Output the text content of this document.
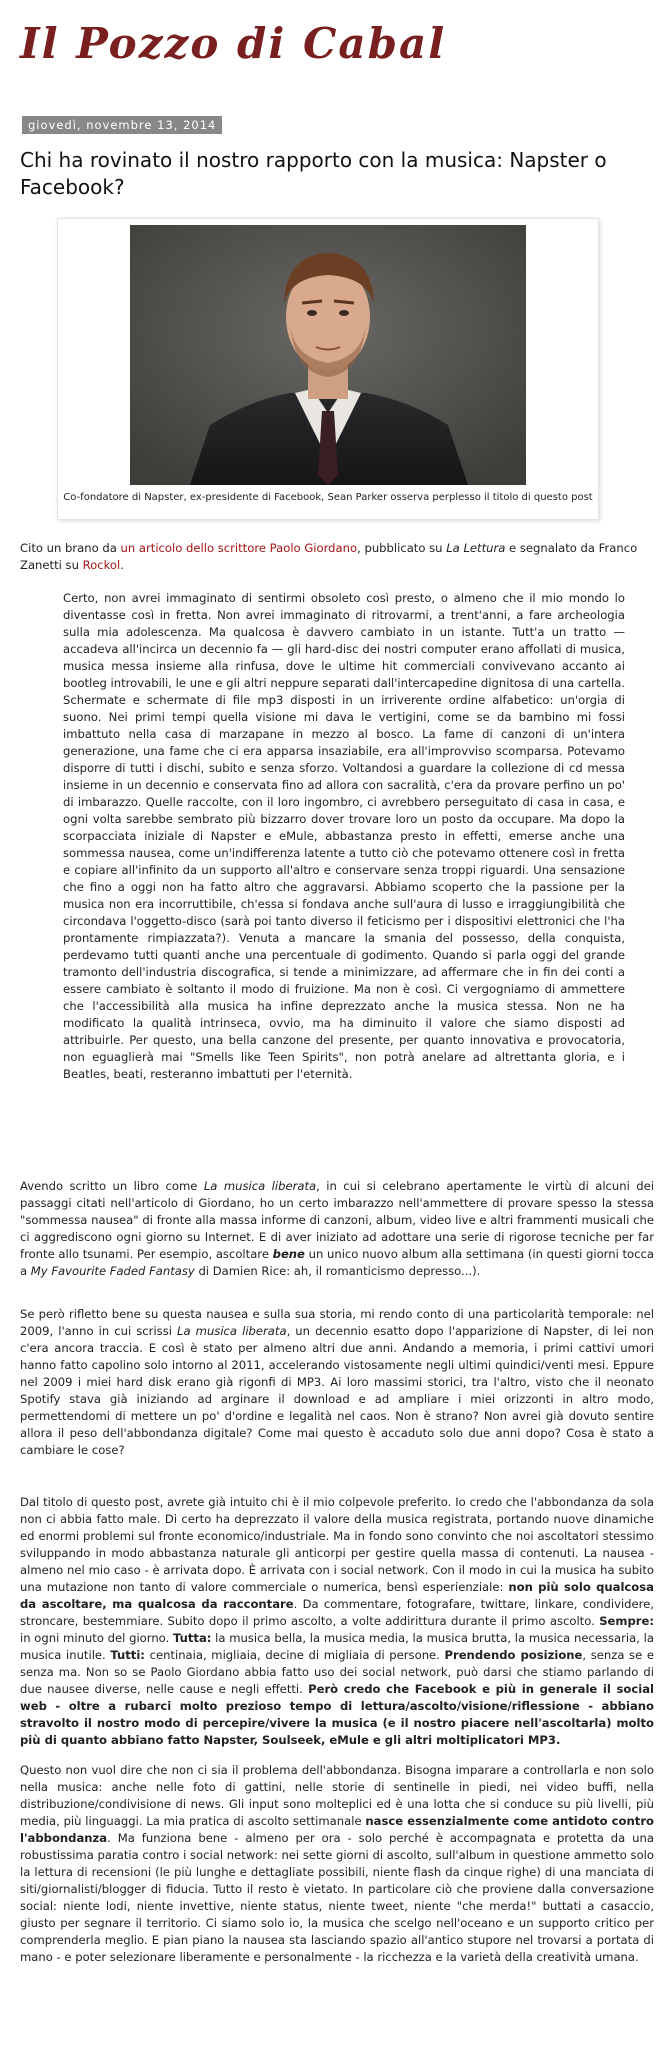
Il Pozzo di Cabal
giovedì, novembre 13, 2014
Chi ha rovinato il nostro rapporto con la musica: Napster o Facebook?
Co-fondatore di Napster, ex-presidente di Facebook, Sean Parker osserva perplesso il titolo di questo post
Cito un brano da un articolo dello scrittore Paolo Giordano, pubblicato su La Lettura e segnalato da Franco Zanetti su Rockol.
Certo, non avrei immaginato di sentirmi obsoleto così presto, o almeno che il mio mondo lo diventasse così in fretta. Non avrei immaginato di ritrovarmi, a trent'anni, a fare archeologia sulla mia adolescenza. Ma qualcosa è davvero cambiato in un istante. Tutt'a un tratto — accadeva all'incirca un decennio fa — gli hard-disc dei nostri computer erano affollati di musica, musica messa insieme alla rinfusa, dove le ultime hit commerciali convivevano accanto ai bootleg introvabili, le une e gli altri neppure separati dall'intercapedine dignitosa di una cartella. Schermate e schermate di file mp3 disposti in un irriverente ordine alfabetico: un'orgia di suono. Nei primi tempi quella visione mi dava le vertigini, come se da bambino mi fossi imbattuto nella casa di marzapane in mezzo al bosco. La fame di canzoni di un'intera generazione, una fame che ci era apparsa insaziabile, era all'improvviso scomparsa. Potevamo disporre di tutti i dischi, subito e senza sforzo. Voltandosi a guardare la collezione di cd messa insieme in un decennio e conservata fino ad allora con sacralità, c'era da provare perfino un po' di imbarazzo. Quelle raccolte, con il loro ingombro, ci avrebbero perseguitato di casa in casa, e ogni volta sarebbe sembrato più bizzarro dover trovare loro un posto da occupare. Ma dopo la scorpacciata iniziale di Napster e eMule, abbastanza presto in effetti, emerse anche una sommessa nausea, come un'indifferenza latente a tutto ciò che potevamo ottenere così in fretta e copiare all'infinito da un supporto all'altro e conservare senza troppi riguardi. Una sensazione che fino a oggi non ha fatto altro che aggravarsi. Abbiamo scoperto che la passione per la musica non era incorruttibile, ch'essa si fondava anche sull'aura di lusso e irraggiungibilità che circondava l'oggetto-disco (sarà poi tanto diverso il feticismo per i dispositivi elettronici che l'ha prontamente rimpiazzata?). Venuta a mancare la smania del possesso, della conquista, perdevamo tutti quanti anche una percentuale di godimento. Quando si parla oggi del grande tramonto dell'industria discografica, si tende a minimizzare, ad affermare che in fin dei conti a essere cambiato è soltanto il modo di fruizione. Ma non è così. Ci vergogniamo di ammettere che l'accessibilità alla musica ha infine deprezzato anche la musica stessa. Non ne ha modificato la qualità intrinseca, ovvio, ma ha diminuito il valore che siamo disposti ad attribuirle. Per questo, una bella canzone del presente, per quanto innovativa e provocatoria, non eguaglierà mai "Smells like Teen Spirits", non potrà anelare ad altrettanta gloria, e i Beatles, beati, resteranno imbattuti per l'eternità.
Avendo scritto un libro come La musica liberata, in cui si celebrano apertamente le virtù di alcuni dei passaggi citati nell'articolo di Giordano, ho un certo imbarazzo nell'ammettere di provare spesso la stessa "sommessa nausea" di fronte alla massa informe di canzoni, album, video live e altri frammenti musicali che ci aggrediscono ogni giorno su Internet. E di aver iniziato ad adottare una serie di rigorose tecniche per far fronte allo tsunami. Per esempio, ascoltare bene un unico nuovo album alla settimana (in questi giorni tocca a My Favourite Faded Fantasy di Damien Rice: ah, il romanticismo depresso...).
Se però rifletto bene su questa nausea e sulla sua storia, mi rendo conto di una particolarità temporale: nel 2009, l'anno in cui scrissi La musica liberata, un decennio esatto dopo l'apparizione di Napster, di lei non c'era ancora traccia. E così è stato per almeno altri due anni. Andando a memoria, i primi cattivi umori hanno fatto capolino solo intorno al 2011, accelerando vistosamente negli ultimi quindici/venti mesi. Eppure nel 2009 i miei hard disk erano già rigonfi di MP3. Ai loro massimi storici, tra l'altro, visto che il neonato Spotify stava già iniziando ad arginare il download e ad ampliare i miei orizzonti in altro modo, permettendomi di mettere un po' d'ordine e legalità nel caos. Non è strano? Non avrei già dovuto sentire allora il peso dell'abbondanza digitale? Come mai questo è accaduto solo due anni dopo? Cosa è stato a cambiare le cose?
Dal titolo di questo post, avrete già intuito chi è il mio colpevole preferito. Io credo che l'abbondanza da sola non ci abbia fatto male. Di certo ha deprezzato il valore della musica registrata, portando nuove dinamiche ed enormi problemi sul fronte economico/industriale. Ma in fondo sono convinto che noi ascoltatori stessimo sviluppando in modo abbastanza naturale gli anticorpi per gestire quella massa di contenuti. La nausea - almeno nel mio caso - è arrivata dopo. È arrivata con i social network. Con il modo in cui la musica ha subito una mutazione non tanto di valore commerciale o numerica, bensì esperienziale: non più solo qualcosa da ascoltare, ma qualcosa da raccontare. Da commentare, fotografare, twittare, linkare, condividere, stroncare, bestemmiare. Subito dopo il primo ascolto, a volte addirittura durante il primo ascolto. Sempre: in ogni minuto del giorno. Tutta: la musica bella, la musica media, la musica brutta, la musica necessaria, la musica inutile. Tutti: centinaia, migliaia, decine di migliaia di persone. Prendendo posizione, senza se e senza ma. Non so se Paolo Giordano abbia fatto uso dei social network, può darsi che stiamo parlando di due nausee diverse, nelle cause e negli effetti. Però credo che Facebook e più in generale il social web - oltre a rubarci molto prezioso tempo di lettura/ascolto/visione/riflessione - abbiano stravolto il nostro modo di percepire/vivere la musica (e il nostro piacere nell'ascoltarla) molto più di quanto abbiano fatto Napster, Soulseek, eMule e gli altri moltiplicatori MP3.
Questo non vuol dire che non ci sia il problema dell'abbondanza. Bisogna imparare a controllarla e non solo nella musica: anche nelle foto di gattini, nelle storie di sentinelle in piedi, nei video buffi, nella distribuzione/condivisione di news. Gli input sono molteplici ed è una lotta che si conduce su più livelli, più media, più linguaggi. La mia pratica di ascolto settimanale nasce essenzialmente come antidoto contro l'abbondanza. Ma funziona bene - almeno per ora - solo perché è accompagnata e protetta da una robustissima paratia contro i social network: nei sette giorni di ascolto, sull'album in questione ammetto solo la lettura di recensioni (le più lunghe e dettagliate possibili, niente flash da cinque righe) di una manciata di siti/giornalisti/blogger di fiducia. Tutto il resto è vietato. In particolare ciò che proviene dalla conversazione social: niente lodi, niente invettive, niente status, niente tweet, niente "che merda!" buttati a casaccio, giusto per segnare il territorio. Ci siamo solo io, la musica che scelgo nell'oceano e un supporto critico per comprenderla meglio. E pian piano la nausea sta lasciando spazio all'antico stupore nel trovarsi a portata di mano - e poter selezionare liberamente e personalmente - la ricchezza e la varietà della creatività umana.
